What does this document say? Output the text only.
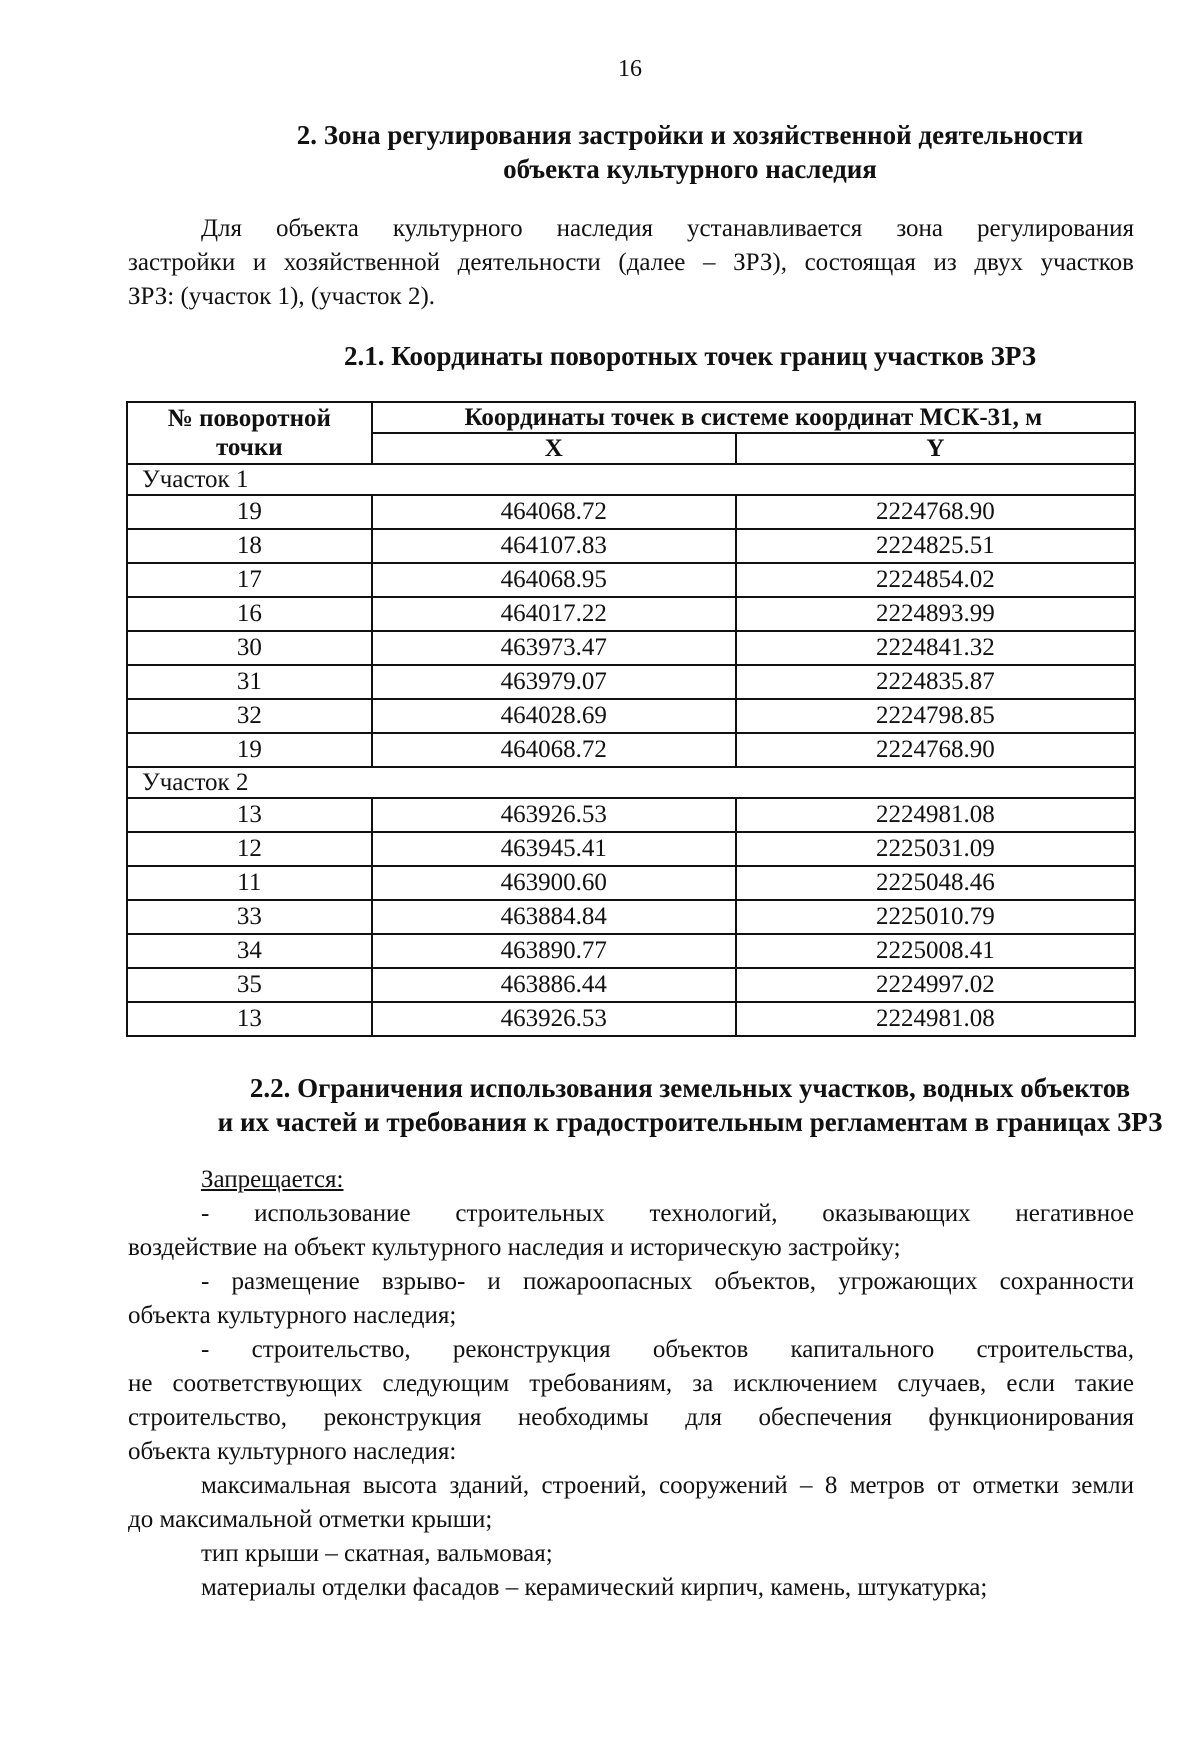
16
2. Зона регулирования застройки и хозяйственной деятельности
объекта культурного наследия
Для объекта культурного наследия устанавливается зона регулирования
застройки и хозяйственной деятельности (далее – ЗРЗ), состоящая из двух участков
ЗРЗ: (участок 1), (участок 2).
2.1. Координаты поворотных точек границ участков ЗРЗ
№ поворотной
точки	Координаты точек в системе координат МСК-31, м	
	X	Y
Участок 1		
19	464068.72	2224768.90
18	464107.83	2224825.51
17	464068.95	2224854.02
16	464017.22	2224893.99
30	463973.47	2224841.32
31	463979.07	2224835.87
32	464028.69	2224798.85
19	464068.72	2224768.90
Участок 2		
13	463926.53	2224981.08
12	463945.41	2225031.09
11	463900.60	2225048.46
33	463884.84	2225010.79
34	463890.77	2225008.41
35	463886.44	2224997.02
13	463926.53	2224981.08
2.2. Ограничения использования земельных участков, водных объектов
и их частей и требования к градостроительным регламентам в границах ЗРЗ
Запрещается:
- использование строительных технологий, оказывающих негативное
воздействие на объект культурного наследия и историческую застройку;
- размещение взрыво- и пожароопасных объектов, угрожающих сохранности
объекта культурного наследия;
- строительство, реконструкция объектов капитального строительства,
не соответствующих следующим требованиям, за исключением случаев, если такие
строительство, реконструкция необходимы для обеспечения функционирования
объекта культурного наследия:
максимальная высота зданий, строений, сооружений – 8 метров от отметки земли
до максимальной отметки крыши;
тип крыши – скатная, вальмовая;
материалы отделки фасадов – керамический кирпич, камень, штукатурка;
